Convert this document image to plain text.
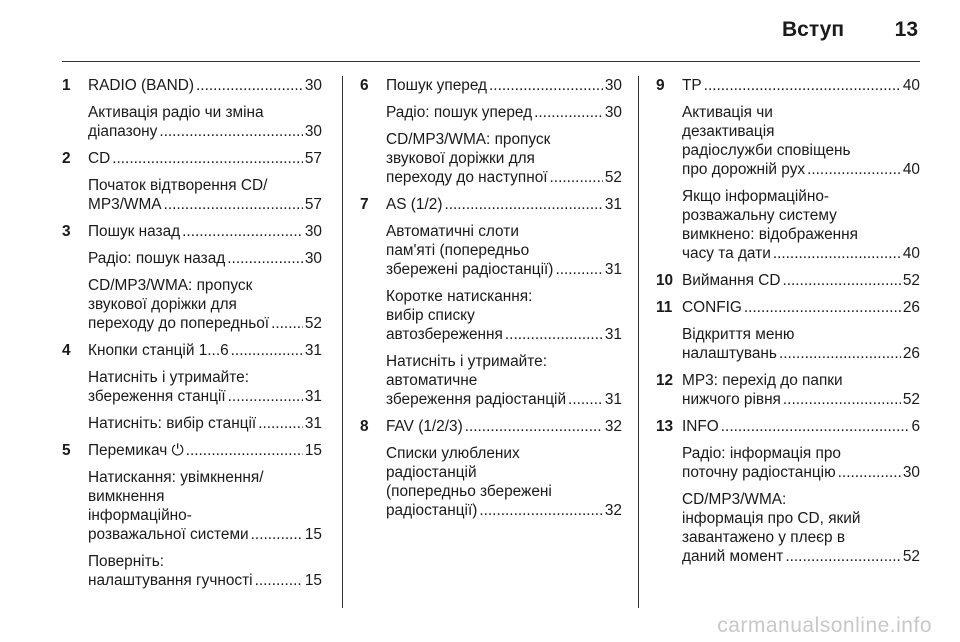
Вступ 13
1 RADIO (BAND) .....	30
Активація радіо чи зміна
діапазону .....	30
2 CD .....	57
Початок відтворення CD/
MP3/WMA .....	57
3 Пошук назад .....	30
Радіо: пошук назад .....	30
CD/MP3/WMA: пропуск
звукової доріжки для
переходу до попередньої ..... 52
4 Кнопки станцій 1...6 .....	31
Натисніть і утримайте:
збереження станції .....	31
Натисніть: вибір станції .....	31
5 Перемикач ⏻ .....	15
Натискання: увімкнення/
вимкнення
інформаційно-
розважальної системи .....	15
Поверніть:
налаштування гучності .....	15
6 Пошук уперед .....	30
Радіо: пошук уперед .....	30
CD/MP3/WMA: пропуск
звукової доріжки для
переходу до наступної .....	52
7 AS (1/2) .....	31
Автоматичні слоти
пам'яті (попередньо
збережені радіостанції) .....	31
Коротке натискання:
вибір списку
автозбереження .....	31
Натисніть і утримайте:
автоматичне
збереження радіостанцій .....	31
8 FAV (1/2/3) .....	32
Списки улюблених
радіостанцій
(попередньо збережені
радіостанції) .....	32
9 TP .....	40
Активація чи
дезактивація
радіослужби сповіщень
про дорожній рух .....	40
Якщо інформаційно-
розважальну систему
вимкнено: відображення
часу та дати .....	40
10 Виймання CD .....	52
11 CONFIG .....	26
Відкриття меню
налаштувань .....	26
12 MP3: перехід до папки
нижчого рівня .....	52
13 INFO .....	6
Радіо: інформація про
поточну радіостанцію .....	30
CD/MP3/WMA:
інформація про CD, який
завантажено у плеєр в
даний момент .....	52
carmanualsonline.info
